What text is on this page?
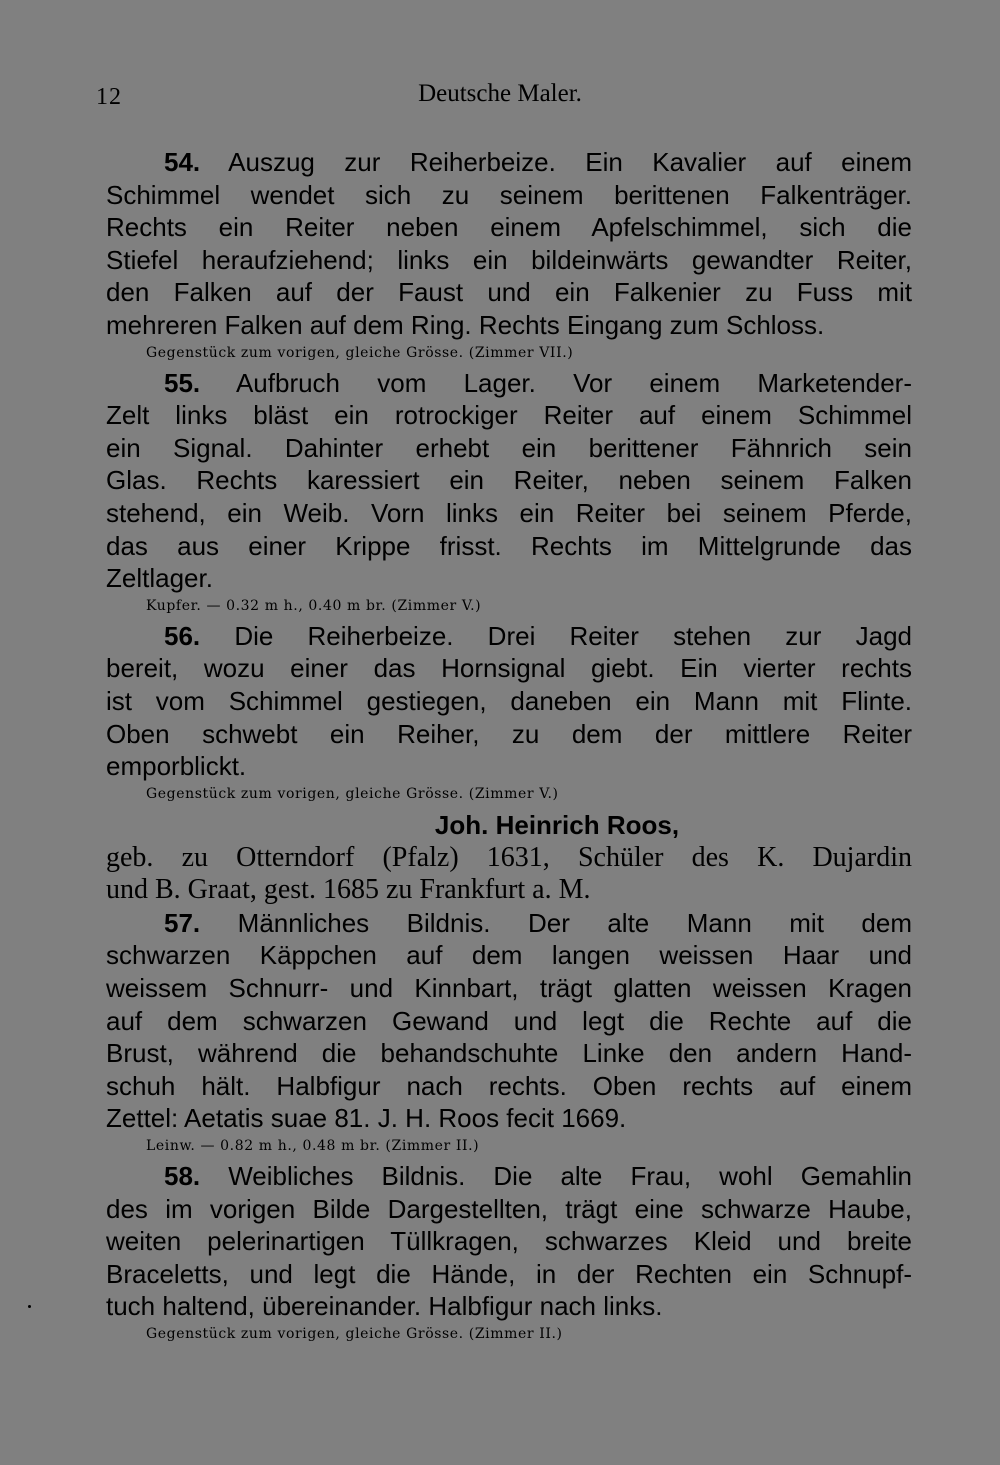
12	Deutsche Maler.
54. Auszug zur Reiherbeize. Ein Kavalier auf einem
Schimmel wendet sich zu seinem berittenen Falkenträger.
Rechts ein Reiter neben einem Apfelschimmel, sich die
Stiefel heraufziehend; links ein bildeinwärts gewandter Reiter,
den Falken auf der Faust und ein Falkenier zu Fuss mit
mehreren Falken auf dem Ring. Rechts Eingang zum Schloss.
Gegenstück zum vorigen, gleiche Grösse. (Zimmer VII.)
55. Aufbruch vom Lager. Vor einem Marketender-
Zelt links bläst ein rotrockiger Reiter auf einem Schimmel
ein Signal. Dahinter erhebt ein berittener Fähnrich sein
Glas. Rechts karessiert ein Reiter, neben seinem Falken
stehend, ein Weib. Vorn links ein Reiter bei seinem Pferde,
das aus einer Krippe frisst. Rechts im Mittelgrunde das
Zeltlager.
Kupfer. — 0.32 m h., 0.40 m br. (Zimmer V.)
56. Die Reiherbeize. Drei Reiter stehen zur Jagd
bereit, wozu einer das Hornsignal giebt. Ein vierter rechts
ist vom Schimmel gestiegen, daneben ein Mann mit Flinte.
Oben schwebt ein Reiher, zu dem der mittlere Reiter
emporblickt.
Gegenstück zum vorigen, gleiche Grösse. (Zimmer V.)
Joh. Heinrich Roos,
geb. zu Otterndorf (Pfalz) 1631, Schüler des K. Dujardin
und B. Graat, gest. 1685 zu Frankfurt a. M.
57. Männliches Bildnis. Der alte Mann mit dem
schwarzen Käppchen auf dem langen weissen Haar und
weissem Schnurr- und Kinnbart, trägt glatten weissen Kragen
auf dem schwarzen Gewand und legt die Rechte auf die
Brust, während die behandschuhte Linke den andern Hand-
schuh hält. Halbfigur nach rechts. Oben rechts auf einem
Zettel: Aetatis suae 81. J. H. Roos fecit 1669.
Leinw. — 0.82 m h., 0.48 m br. (Zimmer II.)
58. Weibliches Bildnis. Die alte Frau, wohl Gemahlin
des im vorigen Bilde Dargestellten, trägt eine schwarze Haube,
weiten pelerinartigen Tüllkragen, schwarzes Kleid und breite
Braceletts, und legt die Hände, in der Rechten ein Schnupf-
tuch haltend, übereinander. Halbfigur nach links.
Gegenstück zum vorigen, gleiche Grösse. (Zimmer II.)
